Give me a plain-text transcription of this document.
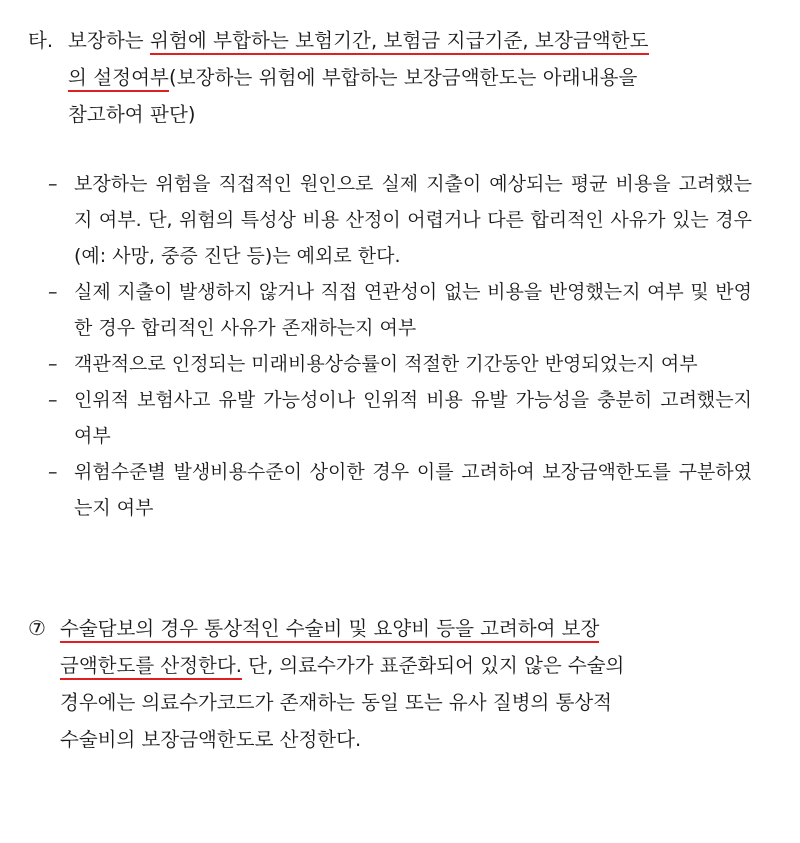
타. 보장하는 위험에 부합하는 보험기간, 보험금 지급기준, 보장금액한도
의 설정여부(보장하는 위험에 부합하는 보장금액한도는 아래내용을
참고하여 판단)
– 보장하는 위험을 직접적인 원인으로 실제 지출이 예상되는 평균 비용을 고려했는지 여부. 단, 위험의 특성상 비용 산정이 어렵거나 다른 합리적인 사유가 있는 경우(예: 사망, 중증 진단 등)는 예외로 한다.
– 실제 지출이 발생하지 않거나 직접 연관성이 없는 비용을 반영했는지 여부 및 반영한 경우 합리적인 사유가 존재하는지 여부
– 객관적으로 인정되는 미래비용상승률이 적절한 기간동안 반영되었는지 여부
– 인위적 보험사고 유발 가능성이나 인위적 비용 유발 가능성을 충분히 고려했는지 여부
– 위험수준별 발생비용수준이 상이한 경우 이를 고려하여 보장금액한도를 구분하였는지 여부
⑦ 수술담보의 경우 통상적인 수술비 및 요양비 등을 고려하여 보장
금액한도를 산정한다. 단, 의료수가가 표준화되어 있지 않은 수술의
경우에는 의료수가코드가 존재하는 동일 또는 유사 질병의 통상적
수술비의 보장금액한도로 산정한다.
